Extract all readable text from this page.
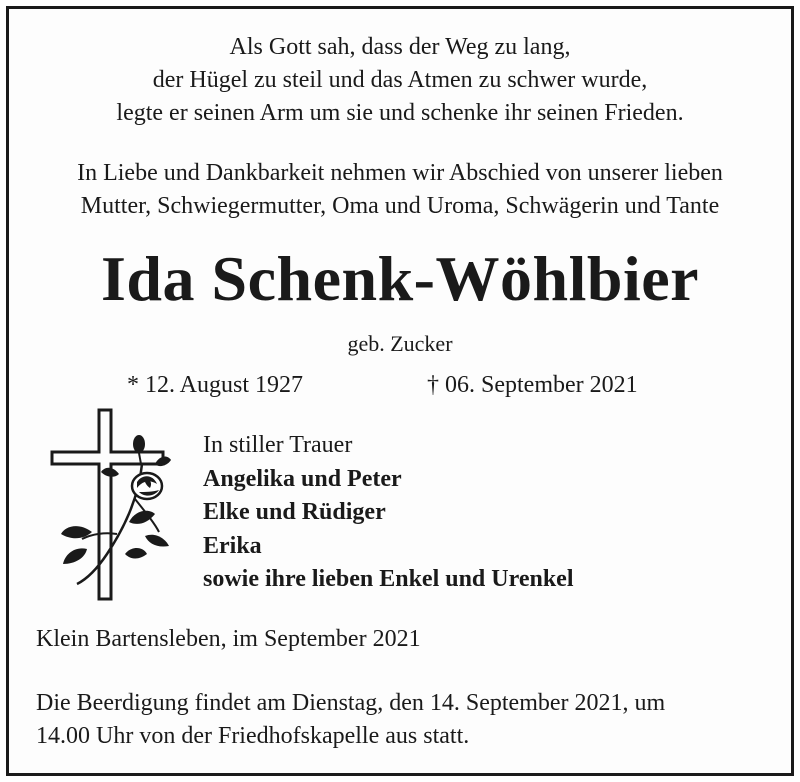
Als Gott sah, dass der Weg zu lang,
der Hügel zu steil und das Atmen zu schwer wurde,
legte er seinen Arm um sie und schenke ihr seinen Frieden.
In Liebe und Dankbarkeit nehmen wir Abschied von unserer lieben
Mutter, Schwiegermutter, Oma und Uroma, Schwägerin und Tante
Ida Schenk-Wöhlbier
geb. Zucker
* 12. August 1927	† 06. September 2021
In stiller Trauer
Angelika und Peter
Elke und Rüdiger
Erika
sowie ihre lieben Enkel und Urenkel
Klein Bartensleben, im September 2021
Die Beerdigung findet am Dienstag, den 14. September 2021, um
14.00 Uhr von der Friedhofskapelle aus statt.
